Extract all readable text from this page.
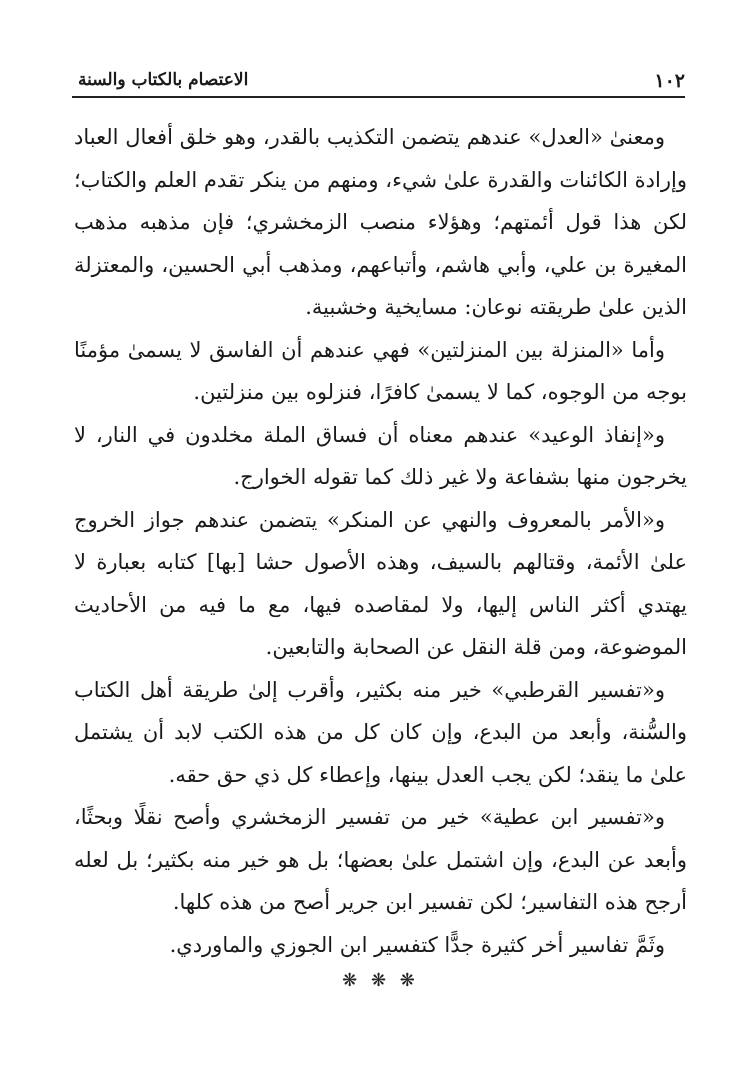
١٠٢
الاعتصام بالكتاب والسنة

ومعنىٰ «العدل» عندهم يتضمن التكذيب بالقدر، وهو خلق أفعال العباد وإرادة الكائنات والقدرة علىٰ شيء، ومنهم من ينكر تقدم العلم والكتاب؛ لكن هذا قول أئمتهم؛ وهؤلاء منصب الزمخشري؛ فإن مذهبه مذهب المغيرة بن علي، وأبي هاشم، وأتباعهم، ومذهب أبي الحسين، والمعتزلة الذين علىٰ طريقته نوعان: مسايخية وخشبية.

وأما «المنزلة بين المنزلتين» فهي عندهم أن الفاسق لا يسمىٰ مؤمنًا بوجه من الوجوه، كما لا يسمىٰ كافرًا، فنزلوه بين منزلتين.

و«إنفاذ الوعيد» عندهم معناه أن فساق الملة مخلدون في النار، لا يخرجون منها بشفاعة ولا غير ذلك كما تقوله الخوارج.

و«الأمر بالمعروف والنهي عن المنكر» يتضمن عندهم جواز الخروج علىٰ الأئمة، وقتالهم بالسيف، وهذه الأصول حشا [بها] كتابه بعبارة لا يهتدي أكثر الناس إليها، ولا لمقاصده فيها، مع ما فيه من الأحاديث الموضوعة، ومن قلة النقل عن الصحابة والتابعين.

و«تفسير القرطبي» خير منه بكثير، وأقرب إلىٰ طريقة أهل الكتاب والسُّنة، وأبعد من البدع، وإن كان كل من هذه الكتب لابد أن يشتمل علىٰ ما ينقد؛ لكن يجب العدل بينها، وإعطاء كل ذي حق حقه.

و«تفسير ابن عطية» خير من تفسير الزمخشري وأصح نقلًا وبحثًا، وأبعد عن البدع، وإن اشتمل علىٰ بعضها؛ بل هو خير منه بكثير؛ بل لعله أرجح هذه التفاسير؛ لكن تفسير ابن جرير أصح من هذه كلها.

وثَمَّ تفاسير أخر كثيرة جدًّا كتفسير ابن الجوزي والماوردي.

❋ ❋ ❋
